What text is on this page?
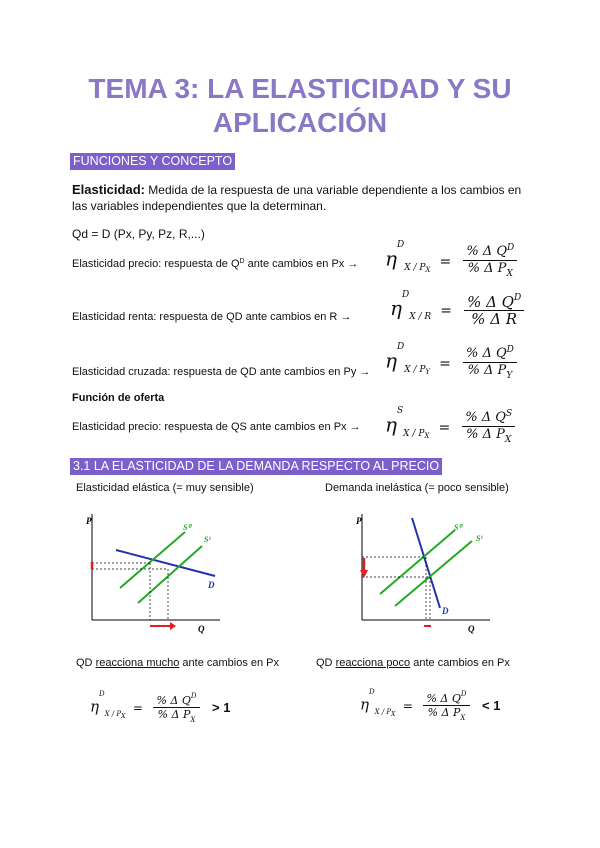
TEMA 3: LA ELASTICIDAD Y SU
APLICACIÓN
FUNCIONES Y CONCEPTO
Elasticidad: Medida de la respuesta de una variable dependiente a los cambios en
las variables independientes que la determinan.
Qd = D (Px, Py, Pz, R,...)
Elasticidad precio: respuesta de $Q^D$ ante cambios en $Px \to \eta^D_{X / PX} = \frac{\% \Delta Q^D}{\% \Delta P_X}$
Elasticidad renta: respuesta de QD ante cambios en $R \to \eta^D_{X / R} = \frac{\% \Delta Q^D}{\text{\% Δ R}}$
Elasticidad cruzada: respuesta de QD ante cambios en $Py \to \eta^D_{X / PY} = \frac{\% \Delta Q^D}{\% \Delta P_Y}$
Función de oferta
Elasticidad precio: respuesta de QS ante cambios en $Px \to \eta^S_{X / PX} = \frac{\% \Delta Q^S}{\% \Delta P_X}$
3.1 LA ELASTICIDAD DE LA DEMANDA RESPECTO AL PRECIO
Elasticidad elástica (= muy sensible)	Demanda inelástica (= poco sensible)
P
Q
D
S⁰
S¹
P
Q
D
S⁰
S¹
QD reacciona mucho ante cambios en Px	QD reacciona poco ante cambios en Px
$\eta^D_{X / PX} = \frac{\% \Delta Q^D}{\% \Delta P_X} > 1$	$\eta^D_{X / PX} = \frac{\% \Delta Q^D}{\% \Delta P_X} < 1$
